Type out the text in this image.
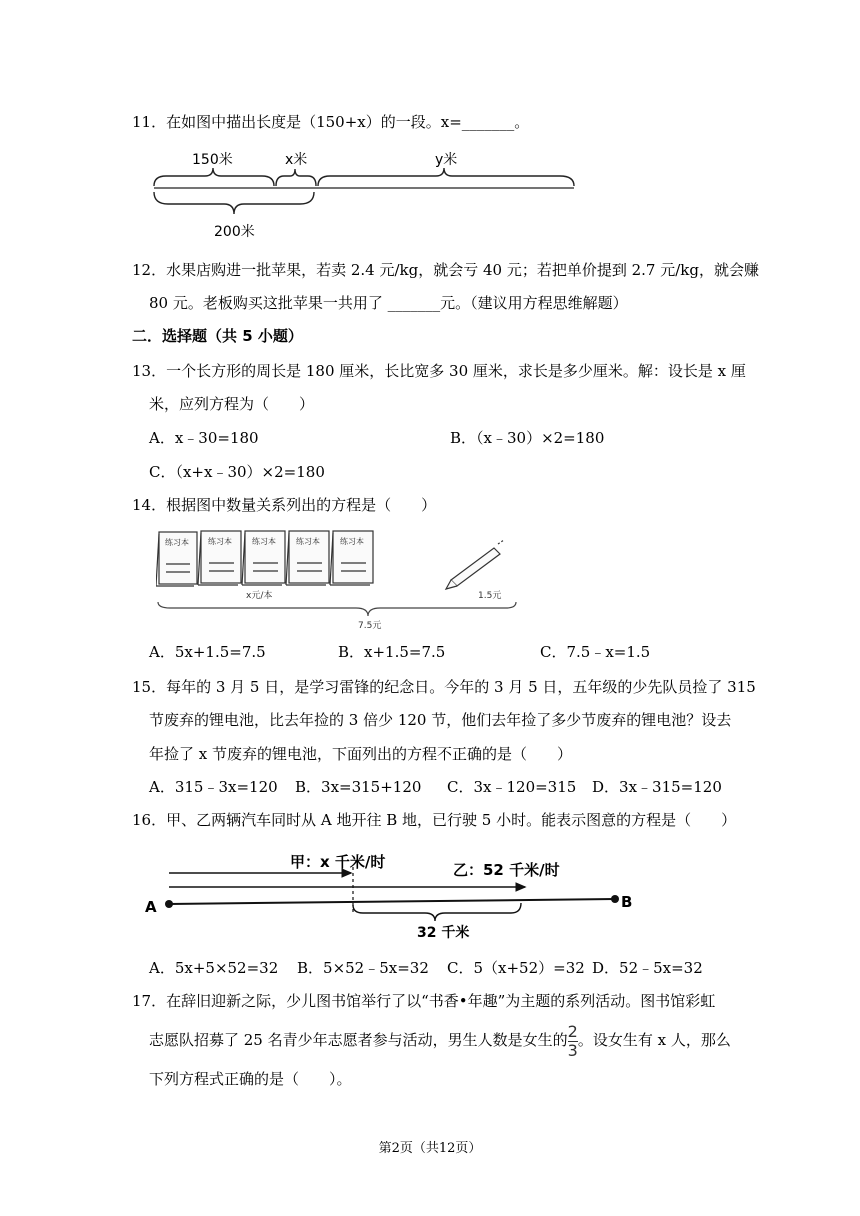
11．在如图中描出长度是（150+x）的一段。x=_______。
150米	x米	y米
200米
12．水果店购进一批苹果，若卖 2.4 元/kg，就会亏 40 元；若把单价提到 2.7 元/kg，就会赚
80 元。老板购买这批苹果一共用了 _______元。（建议用方程思维解题）
二．选择题（共 5 小题）
13．一个长方形的周长是 180 厘米，长比宽多 30 厘米，求长是多少厘米。解：设长是 x 厘
米，应列方程为（　　）
A．x﹣30=180	B．（x﹣30）×2=180
C．（x+x﹣30）×2=180
14．根据图中数量关系列出的方程是（　　）
练习本 练习本	练习本	练习本	练习本
x元/本	1.5元
7.5元
A．5x+1.5=7.5	B．x+1.5=7.5	C．7.5﹣x=1.5
15．每年的 3 月 5 日，是学习雷锋的纪念日。今年的 3 月 5 日，五年级的少先队员捡了 315
节废弃的锂电池，比去年捡的 3 倍少 120 节，他们去年捡了多少节废弃的锂电池？设去
年捡了 x 节废弃的锂电池，下面列出的方程不正确的是（　　）
A．315﹣3x=120 B．3x=315+120 C．3x﹣120=315 D．3x﹣315=120
16．甲、乙两辆汽车同时从 A 地开往 B 地，已行驶 5 小时。能表示图意的方程是（　　）
甲：x 千米/时	乙：52 千米/时
A	B
32 千米
A．5x+5×52=32 B．5×52﹣5x=32 C．5（x+52）=32 D．52﹣5x=32
17．在辞旧迎新之际，少儿图书馆举行了以“书香•年趣”为主题的系列活动。图书馆彩虹
志愿队招募了 25 名青少年志愿者参与活动，男生人数是女生的$\frac{2}{3}$。设女生有 x 人，那么
下列方程式正确的是（　　）。
第2页（共12页）
